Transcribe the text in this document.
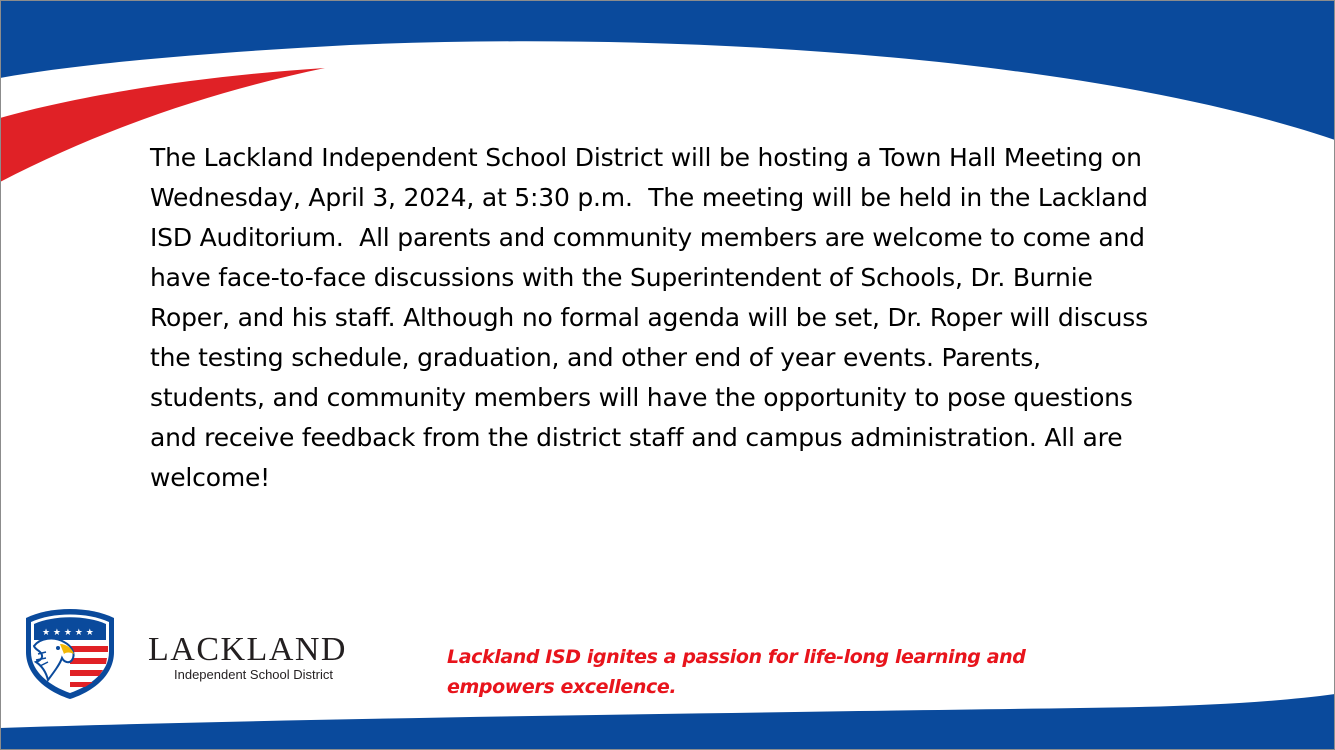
The Lackland Independent School District will be hosting a Town Hall Meeting on Wednesday, April 3, 2024, at 5:30 p.m.  The meeting will be held in the Lackland ISD Auditorium.  All parents and community members are welcome to come and have face-to-face discussions with the Superintendent of Schools, Dr. Burnie Roper, and his staff. Although no formal agenda will be set, Dr. Roper will discuss the testing schedule, graduation, and other end of year events. Parents, students, and community members will have the opportunity to pose questions and receive feedback from the district staff and campus administration. All are welcome!

★ ★ ★ ★ ★ LACKLAND

Independent School District

Lackland ISD ignites a passion for life-long learning and
empowers excellence.
